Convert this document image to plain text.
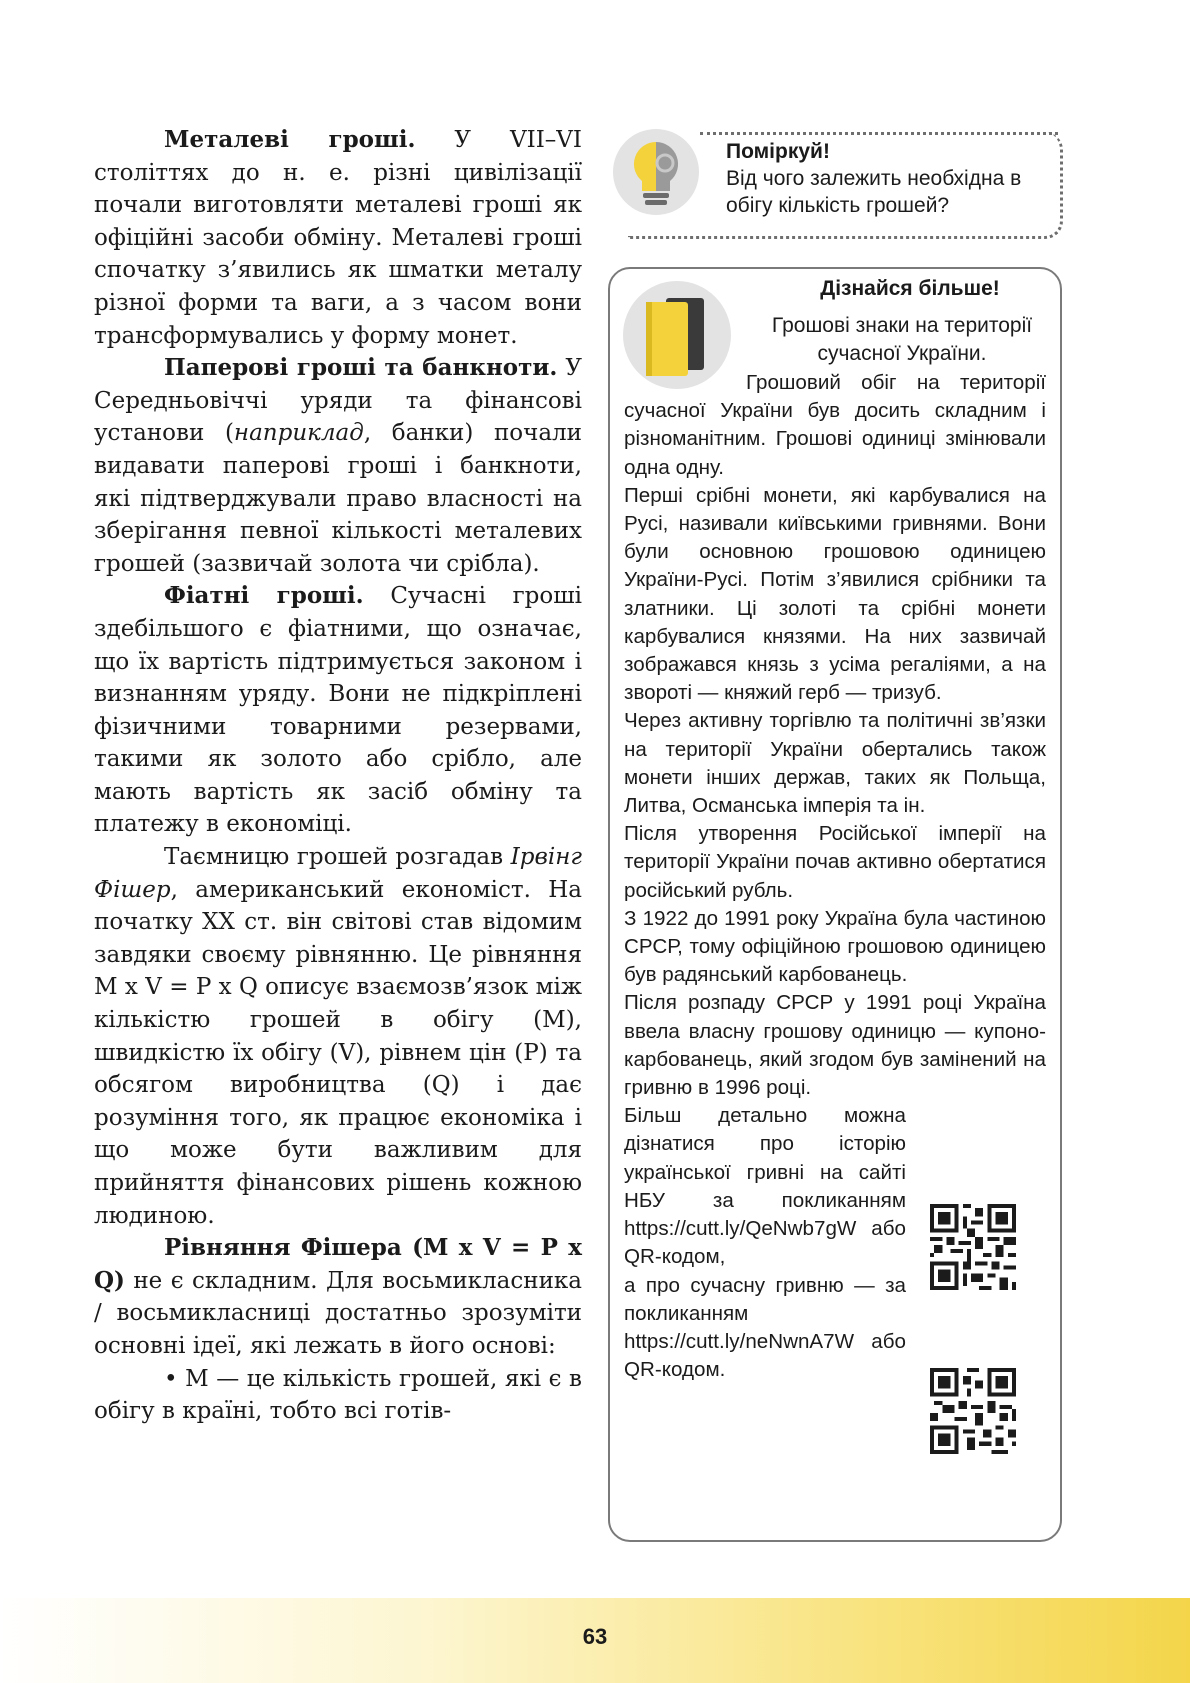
Металеві гроші. У VII–VI століттях до н. е. різні цивілізації почали виготовляти металеві гроші як офіційні засоби обміну. Металеві гроші спочатку з’явились як шматки металу різної форми та ваги, а з часом вони трансформувались у форму монет.

Паперові гроші та банкноти. У Середньовіччі уряди та фінансові установи (наприклад, банки) почали видавати паперові гроші і банкноти, які підтверджували право власності на зберігання певної кількості металевих грошей (зазвичай золота чи срібла).

Фіатні гроші. Сучасні гроші здебільшого є фіатними, що означає, що їх вартість підтримується законом і визнанням уряду. Вони не підкріплені фізичними товарними резервами, такими як золото або срібло, але мають вартість як засіб обміну та платежу в економіці.

Таємницю грошей розгадав Ірвінг Фішер, американський економіст. На початку ХХ ст. він світові став відомим завдяки своєму рівнянню. Це рівняння M x V = P x Q описує взаємозв’язок між кількістю грошей в обігу (M), швидкістю їх обігу (V), рівнем цін (P) та обсягом виробництва (Q) і дає розуміння того, як працює економіка і що може бути важливим для прийняття фінансових рішень кожною людиною.

Рівняння Фішера (M x V = P x Q) не є складним. Для восьмикласника / восьмикласниці достатньо зрозуміти основні ідеї, які лежать в його основі:

• M — це кількість грошей, які є в обігу в країні, тобто всі готів-

Поміркуй!
Від чого залежить необхідна в обігу кількість грошей?
Дізнайся більше!
Грошові знаки на території сучасної України.

Грошовий обіг на території сучасної України був досить складним і різноманітним. Грошові одиниці змінювали одна одну.

Перші срібні монети, які карбувалися на Русі, називали київськими гривнями. Вони були основною грошовою одиницею України-Русі. Потім з’явилися срібники та златники. Ці золоті та срібні монети карбувалися князями. На них зазвичай зображався князь з усіма регаліями, а на звороті — княжий герб — тризуб.

Через активну торгівлю та політичні зв’язки на території України обертались також монети інших держав, таких як Польща, Литва, Османська імперія та ін.

Після утворення Російської імперії на території України почав активно обертатися російський рубль.

З 1922 до 1991 року Україна була частиною СРСР, тому офіційною грошовою одиницею був радянський карбованець.

Після розпаду СРСР у 1991 році Україна ввела власну грошову одиницю — купоно-карбованець, який згодом був замінений на гривню в 1996 році.

Більш детально можна дізнатися про історію української гривні на сайті НБУ за покликанням https://cutt.ly/QeNwb7gW або QR-кодом,

а про сучасну гривню — за покликанням https://cutt.ly/neNwnA7W або QR-кодом.

63
